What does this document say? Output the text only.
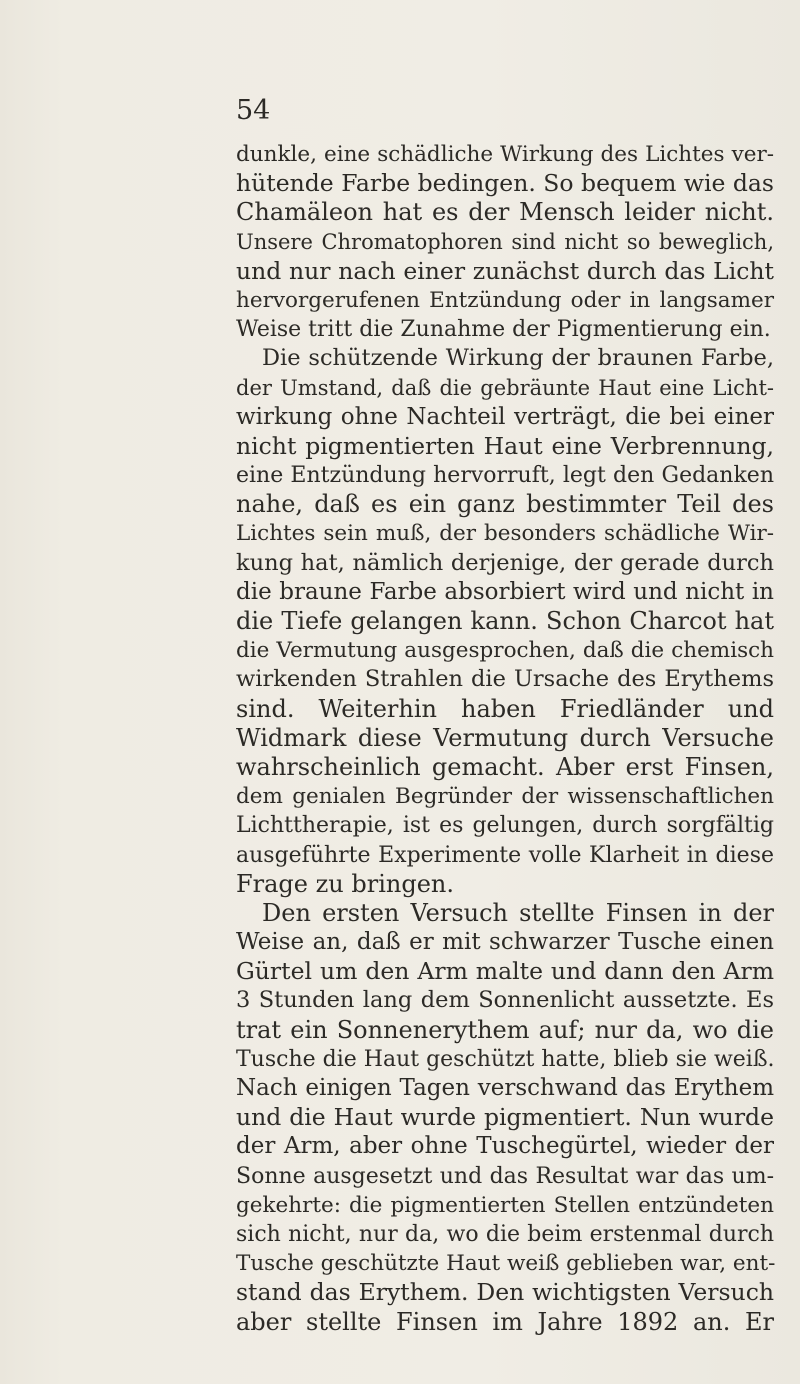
54
dunkle, eine schädliche Wirkung des Lichtes ver-
hütende Farbe bedingen. So bequem wie das
Chamäleon hat es der Mensch leider nicht.
Unsere Chromatophoren sind nicht so beweglich,
und nur nach einer zunächst durch das Licht
hervorgerufenen Entzündung oder in langsamer
Weise tritt die Zunahme der Pigmentierung ein.
Die schützende Wirkung der braunen Farbe,
der Umstand, daß die gebräunte Haut eine Licht-
wirkung ohne Nachteil verträgt, die bei einer
nicht pigmentierten Haut eine Verbrennung,
eine Entzündung hervorruft, legt den Gedanken
nahe, daß es ein ganz bestimmter Teil des
Lichtes sein muß, der besonders schädliche Wir-
kung hat, nämlich derjenige, der gerade durch
die braune Farbe absorbiert wird und nicht in
die Tiefe gelangen kann. Schon Charcot hat
die Vermutung ausgesprochen, daß die chemisch
wirkenden Strahlen die Ursache des Erythems
sind. Weiterhin haben Friedländer und
Widmark diese Vermutung durch Versuche
wahrscheinlich gemacht. Aber erst Finsen,
dem genialen Begründer der wissenschaftlichen
Lichttherapie, ist es gelungen, durch sorgfältig
ausgeführte Experimente volle Klarheit in diese
Frage zu bringen.
Den ersten Versuch stellte Finsen in der
Weise an, daß er mit schwarzer Tusche einen
Gürtel um den Arm malte und dann den Arm
3 Stunden lang dem Sonnenlicht aussetzte. Es
trat ein Sonnenerythem auf; nur da, wo die
Tusche die Haut geschützt hatte, blieb sie weiß.
Nach einigen Tagen verschwand das Erythem
und die Haut wurde pigmentiert. Nun wurde
der Arm, aber ohne Tuschegürtel, wieder der
Sonne ausgesetzt und das Resultat war das um-
gekehrte: die pigmentierten Stellen entzündeten
sich nicht, nur da, wo die beim erstenmal durch
Tusche geschützte Haut weiß geblieben war, ent-
stand das Erythem. Den wichtigsten Versuch
aber stellte Finsen im Jahre 1892 an. Er
